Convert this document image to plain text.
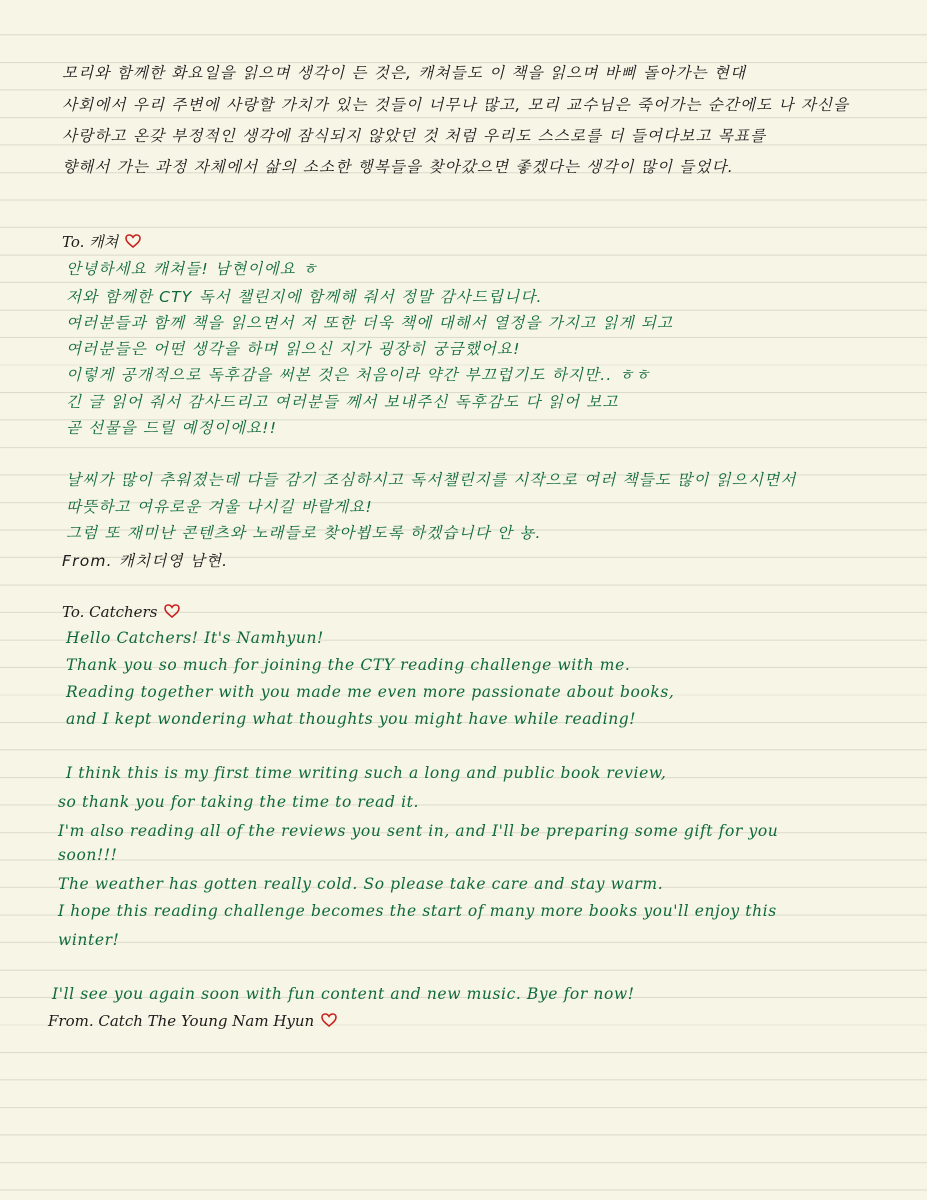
모리와 함께한 화요일을 읽으며 생각이 든 것은, 캐쳐들도 이 책을 읽으며 바삐 돌아가는 현대
사회에서 우리 주변에 사랑할 가치가 있는 것들이 너무나 많고, 모리 교수님은 죽어가는 순간에도 나 자신을
사랑하고 온갖 부정적인 생각에 잠식되지 않았던 것 처럼 우리도 스스로를 더 들여다보고 목표를
향해서 가는 과정 자체에서 삶의 소소한 행복들을 찾아갔으면 좋겠다는 생각이 많이 들었다.
To. 캐쳐
안녕하세요 캐쳐들! 남현이에요 ㅎ
저와 함께한 CTY 독서 챌린지에 함께해 줘서 정말 감사드립니다.
여러분들과 함께 책을 읽으면서 저 또한 더욱 책에 대해서 열정을 가지고 읽게 되고
여러분들은 어떤 생각을 하며 읽으신 지가 굉장히 궁금했어요!
이렇게 공개적으로 독후감을 써본 것은 처음이라 약간 부끄럽기도 하지만.. ㅎㅎ
긴 글 읽어 줘서 감사드리고 여러분들 께서 보내주신 독후감도 다 읽어 보고
곧 선물을 드릴 예정이에요!!
날씨가 많이 추워졌는데 다들 감기 조심하시고 독서챌린지를 시작으로 여러 책들도 많이 읽으시면서
따뜻하고 여유로운 겨울 나시길 바랄게요!
그럼 또 재미난 콘텐츠와 노래들로 찾아뵙도록 하겠습니다 안 뇽.
From. 캐치더영 남현.
To. Catchers
Hello Catchers! It's Namhyun!
Thank you so much for joining the CTY reading challenge with me.
Reading together with you made me even more passionate about books,
and I kept wondering what thoughts you might have while reading!
I think this is my first time writing such a long and public book review,
so thank you for taking the time to read it.
I'm also reading all of the reviews you sent in, and I'll be preparing some gift for you
soon!!!
The weather has gotten really cold. So please take care and stay warm.
I hope this reading challenge becomes the start of many more books you'll enjoy this
winter!
I'll see you again soon with fun content and new music. Bye for now!
From. Catch The Young Nam Hyun
